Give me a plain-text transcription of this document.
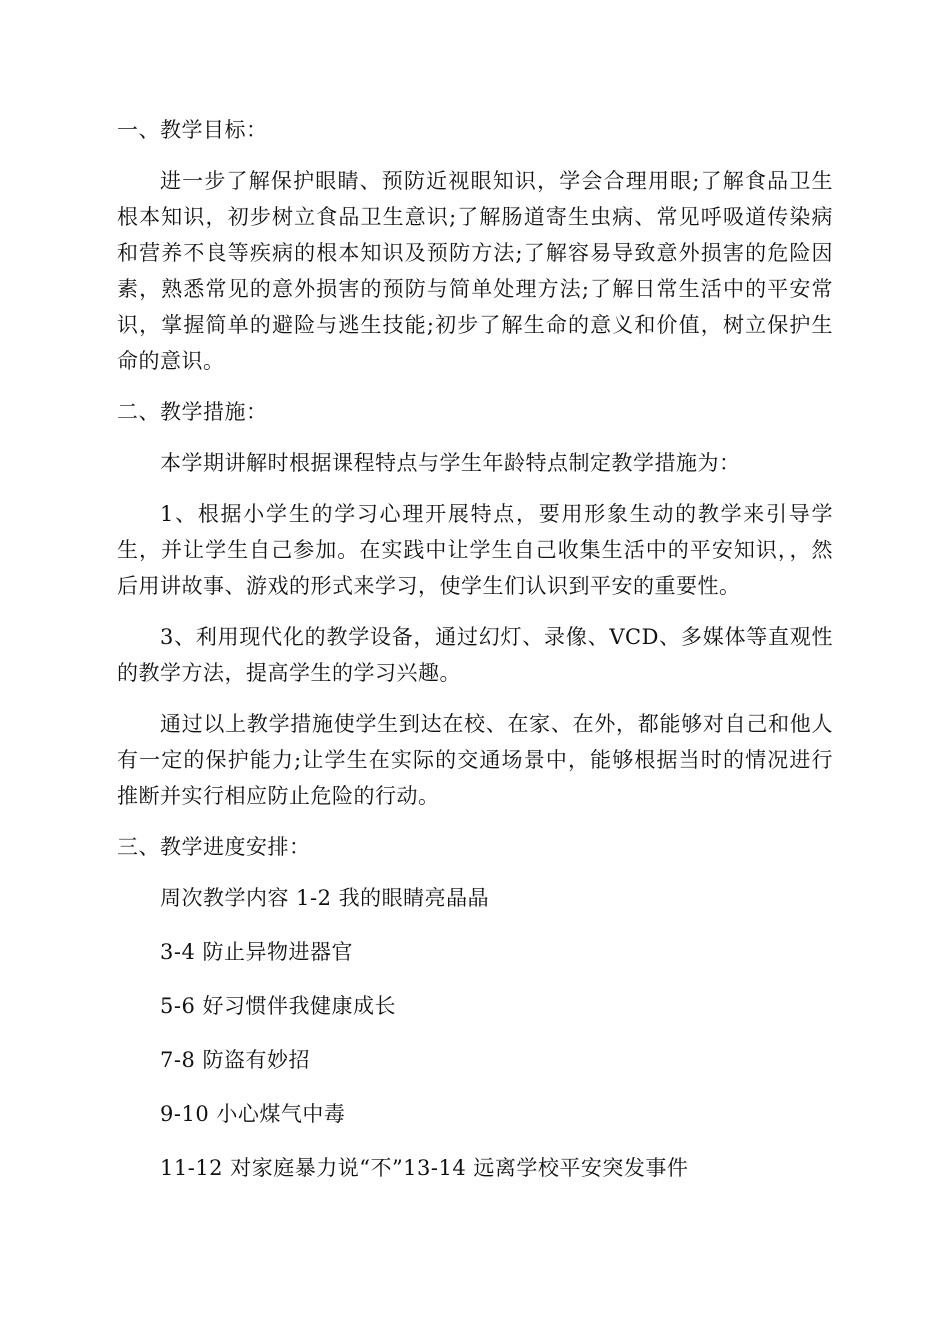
一、教学目标：

进一步了解保护眼睛、预防近视眼知识，学会合理用眼;了解食品卫生根本知识，初步树立食品卫生意识;了解肠道寄生虫病、常见呼吸道传染病和营养不良等疾病的根本知识及预防方法;了解容易导致意外损害的危险因素，熟悉常见的意外损害的预防与简单处理方法;了解日常生活中的平安常识，掌握简单的避险与逃生技能;初步了解生命的意义和价值，树立保护生命的意识。

二、教学措施：

本学期讲解时根据课程特点与学生年龄特点制定教学措施为：

1、根据小学生的学习心理开展特点，要用形象生动的教学来引导学生，并让学生自己参加。在实践中让学生自己收集生活中的平安知识，，然后用讲故事、游戏的形式来学习，使学生们认识到平安的重要性。

3、利用现代化的教学设备，通过幻灯、录像、VCD、多媒体等直观性的教学方法，提高学生的学习兴趣。

通过以上教学措施使学生到达在校、在家、在外，都能够对自己和他人有一定的保护能力;让学生在实际的交通场景中，能够根据当时的情况进行推断并实行相应防止危险的行动。

三、教学进度安排：

周次教学内容 1-2 我的眼睛亮晶晶
3-4 防止异物进器官
5-6 好习惯伴我健康成长
7-8 防盗有妙招
9-10 小心煤气中毒
11-12 对家庭暴力说“不”13-14 远离学校平安突发事件
